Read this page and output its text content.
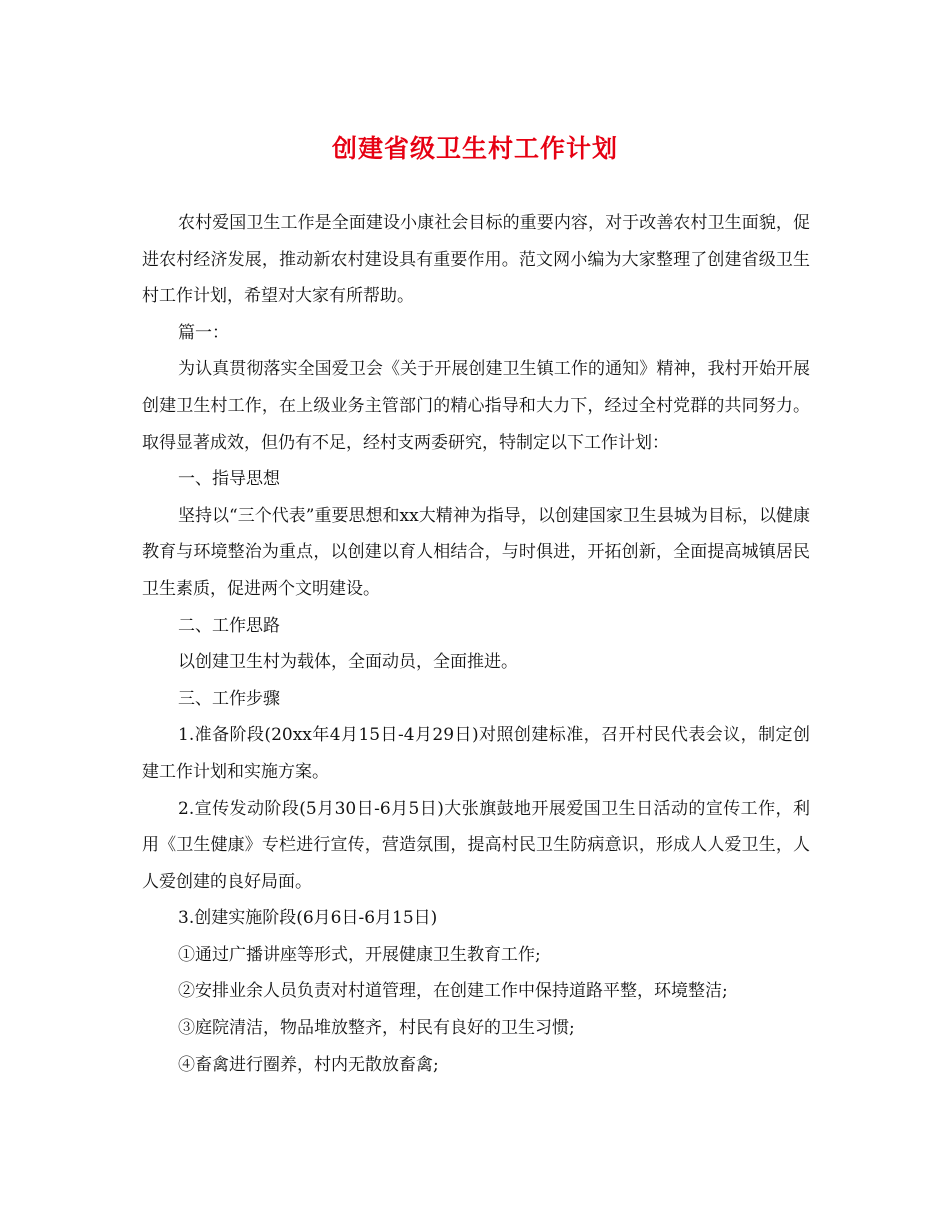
创建省级卫生村工作计划

农村爱国卫生工作是全面建设小康社会目标的重要内容，对于改善农村卫生面貌，促进农村经济发展，推动新农村建设具有重要作用。范文网小编为大家整理了创建省级卫生村工作计划，希望对大家有所帮助。

篇一：

为认真贯彻落实全国爱卫会《关于开展创建卫生镇工作的通知》精神，我村开始开展创建卫生村工作，在上级业务主管部门的精心指导和大力下，经过全村党群的共同努力。取得显著成效，但仍有不足，经村支两委研究，特制定以下工作计划：

一、指导思想

坚持以“三个代表”重要思想和xx大精神为指导，以创建国家卫生县城为目标，以健康教育与环境整治为重点，以创建以育人相结合，与时俱进，开拓创新，全面提高城镇居民卫生素质，促进两个文明建设。

二、工作思路

以创建卫生村为载体，全面动员，全面推进。

三、工作步骤

1.准备阶段(20xx年4月15日-4月29日)对照创建标准，召开村民代表会议，制定创建工作计划和实施方案。

2.宣传发动阶段(5月30日-6月5日)大张旗鼓地开展爱国卫生日活动的宣传工作，利用《卫生健康》专栏进行宣传，营造氛围，提高村民卫生防病意识，形成人人爱卫生，人人爱创建的良好局面。

3.创建实施阶段(6月6日-6月15日)

①通过广播讲座等形式，开展健康卫生教育工作;

②安排业余人员负责对村道管理，在创建工作中保持道路平整，环境整洁;

③庭院清洁，物品堆放整齐，村民有良好的卫生习惯;

④畜禽进行圈养，村内无散放畜禽;
